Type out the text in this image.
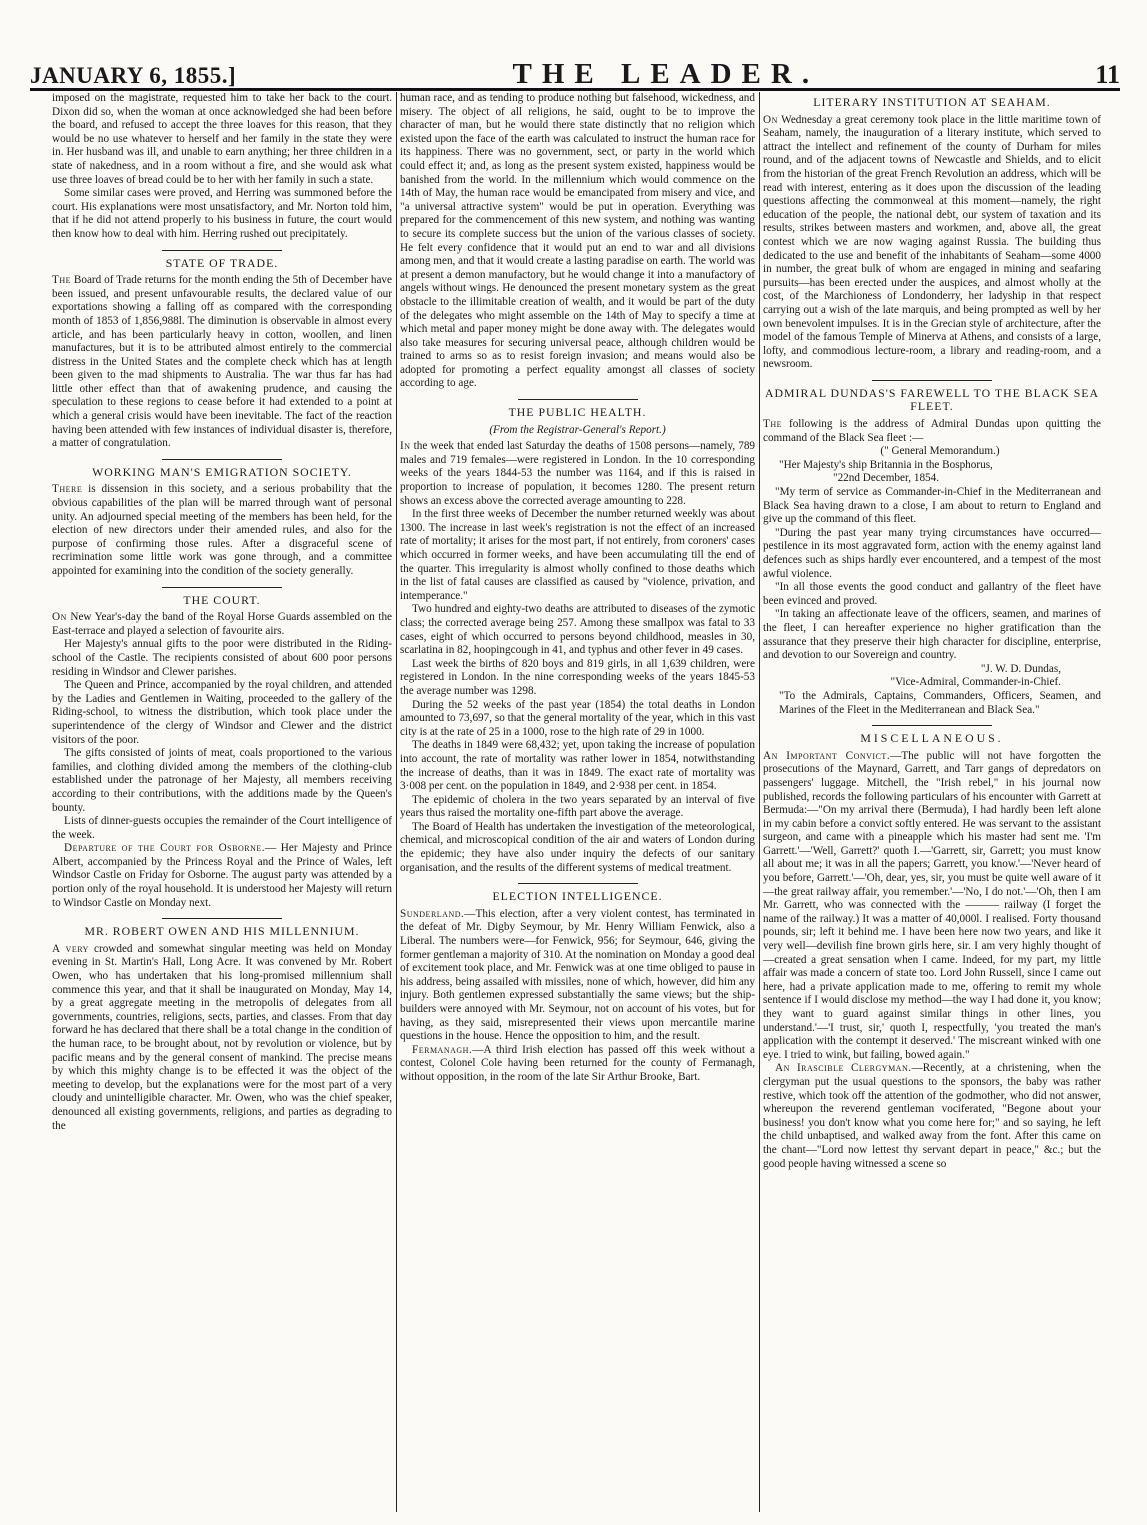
JANUARY 6, 1855.]	THE LEADER.	11

imposed on the magistrate, requested him to take her back to the court. Dixon did so, when the woman at once acknowledged she had been before the board, and refused to accept the three loaves for this reason, that they would be no use whatever to herself and her family in the state they were in. Her husband was ill, and unable to earn anything; her three children in a state of nakedness, and in a room without a fire, and she would ask what use three loaves of bread could be to her with her family in such a state.

Some similar cases were proved, and Herring was summoned before the court. His explanations were most unsatisfactory, and Mr. Norton told him, that if he did not attend properly to his business in future, the court would then know how to deal with him. Herring rushed out precipitately.

STATE OF TRADE.

The Board of Trade returns for the month ending the 5th of December have been issued, and present unfavourable results, the declared value of our exportations showing a falling off as compared with the corresponding month of 1853 of 1,856,988l. The diminution is observable in almost every article, and has been particularly heavy in cotton, woollen, and linen manufactures, but it is to be attributed almost entirely to the commercial distress in the United States and the complete check which has at length been given to the mad shipments to Australia. The war thus far has had little other effect than that of awakening prudence, and causing the speculation to these regions to cease before it had extended to a point at which a general crisis would have been inevitable. The fact of the reaction having been attended with few instances of individual disaster is, therefore, a matter of congratulation.

WORKING MAN'S EMIGRATION SOCIETY.

There is dissension in this society, and a serious probability that the obvious capabilities of the plan will be marred through want of personal unity. An adjourned special meeting of the members has been held, for the election of new directors under their amended rules, and also for the purpose of confirming those rules. After a disgraceful scene of recrimination some little work was gone through, and a committee appointed for examining into the condition of the society generally.

THE COURT.

On New Year's-day the band of the Royal Horse Guards assembled on the East-terrace and played a selection of favourite airs.

Her Majesty's annual gifts to the poor were distributed in the Riding-school of the Castle. The recipients consisted of about 600 poor persons residing in Windsor and Clewer parishes.

The Queen and Prince, accompanied by the royal children, and attended by the Ladies and Gentlemen in Waiting, proceeded to the gallery of the Riding-school, to witness the distribution, which took place under the superintendence of the clergy of Windsor and Clewer and the district visitors of the poor.

The gifts consisted of joints of meat, coals proportioned to the various families, and clothing divided among the members of the clothing-club established under the patronage of her Majesty, all members receiving according to their contributions, with the additions made by the Queen's bounty.

Lists of dinner-guests occupies the remainder of the Court intelligence of the week.

Departure of the Court for Osborne.— Her Majesty and Prince Albert, accompanied by the Princess Royal and the Prince of Wales, left Windsor Castle on Friday for Osborne. The august party was attended by a portion only of the royal household. It is understood her Majesty will return to Windsor Castle on Monday next.

MR. ROBERT OWEN AND HIS MILLENNIUM.

A very crowded and somewhat singular meeting was held on Monday evening in St. Martin's Hall, Long Acre. It was convened by Mr. Robert Owen, who has undertaken that his long-promised millennium shall commence this year, and that it shall be inaugurated on Monday, May 14, by a great aggregate meeting in the metropolis of delegates from all governments, countries, religions, sects, parties, and classes. From that day forward he has declared that there shall be a total change in the condition of the human race, to be brought about, not by revolution or violence, but by pacific means and by the general consent of mankind. The precise means by which this mighty change is to be effected it was the object of the meeting to develop, but the explanations were for the most part of a very cloudy and unintelligible character. Mr. Owen, who was the chief speaker, denounced all existing governments, religions, and parties as degrading to the

human race, and as tending to produce nothing but falsehood, wickedness, and misery. The object of all religions, he said, ought to be to improve the character of man, but he would there state distinctly that no religion which existed upon the face of the earth was calculated to instruct the human race for its happiness. There was no government, sect, or party in the world which could effect it; and, as long as the present system existed, happiness would be banished from the world. In the millennium which would commence on the 14th of May, the human race would be emancipated from misery and vice, and "a universal attractive system" would be put in operation. Everything was prepared for the commencement of this new system, and nothing was wanting to secure its complete success but the union of the various classes of society. He felt every confidence that it would put an end to war and all divisions among men, and that it would create a lasting paradise on earth. The world was at present a demon manufactory, but he would change it into a manufactory of angels without wings. He denounced the present monetary system as the great obstacle to the illimitable creation of wealth, and it would be part of the duty of the delegates who might assemble on the 14th of May to specify a time at which metal and paper money might be done away with. The delegates would also take measures for securing universal peace, although children would be trained to arms so as to resist foreign invasion; and means would also be adopted for promoting a perfect equality amongst all classes of society according to age.

THE PUBLIC HEALTH.
(From the Registrar-General's Report.)

In the week that ended last Saturday the deaths of 1508 persons—namely, 789 males and 719 females—were registered in London. In the 10 corresponding weeks of the years 1844-53 the number was 1164, and if this is raised in proportion to increase of population, it becomes 1280. The present return shows an excess above the corrected average amounting to 228.

In the first three weeks of December the number returned weekly was about 1300. The increase in last week's registration is not the effect of an increased rate of mortality; it arises for the most part, if not entirely, from coroners' cases which occurred in former weeks, and have been accumulating till the end of the quarter. This irregularity is almost wholly confined to those deaths which in the list of fatal causes are classified as caused by "violence, privation, and intemperance."

Two hundred and eighty-two deaths are attributed to diseases of the zymotic class; the corrected average being 257. Among these smallpox was fatal to 33 cases, eight of which occurred to persons beyond childhood, measles in 30, scarlatina in 82, hoopingcough in 41, and typhus and other fever in 49 cases.

Last week the births of 820 boys and 819 girls, in all 1,639 children, were registered in London. In the nine corresponding weeks of the years 1845-53 the average number was 1298.

During the 52 weeks of the past year (1854) the total deaths in London amounted to 73,697, so that the general mortality of the year, which in this vast city is at the rate of 25 in a 1000, rose to the high rate of 29 in 1000.

The deaths in 1849 were 68,432; yet, upon taking the increase of population into account, the rate of mortality was rather lower in 1854, notwithstanding the increase of deaths, than it was in 1849. The exact rate of mortality was 3·008 per cent. on the population in 1849, and 2·938 per cent. in 1854.

The epidemic of cholera in the two years separated by an interval of five years thus raised the mortality one-fifth part above the average.

The Board of Health has undertaken the investigation of the meteorological, chemical, and microscopical condition of the air and waters of London during the epidemic; they have also under inquiry the defects of our sanitary organisation, and the results of the different systems of medical treatment.

ELECTION INTELLIGENCE.

Sunderland.—This election, after a very violent contest, has terminated in the defeat of Mr. Digby Seymour, by Mr. Henry William Fenwick, also a Liberal. The numbers were—for Fenwick, 956; for Seymour, 646, giving the former gentleman a majority of 310. At the nomination on Monday a good deal of excitement took place, and Mr. Fenwick was at one time obliged to pause in his address, being assailed with missiles, none of which, however, did him any injury. Both gentlemen expressed substantially the same views; but the ship-builders were annoyed with Mr. Seymour, not on account of his votes, but for having, as they said, misrepresented their views upon mercantile marine questions in the house. Hence the opposition to him, and the result.

Fermanagh.—A third Irish election has passed off this week without a contest, Colonel Cole having been returned for the county of Fermanagh, without opposition, in the room of the late Sir Arthur Brooke, Bart.

LITERARY INSTITUTION AT SEAHAM.

On Wednesday a great ceremony took place in the little maritime town of Seaham, namely, the inauguration of a literary institute, which served to attract the intellect and refinement of the county of Durham for miles round, and of the adjacent towns of Newcastle and Shields, and to elicit from the historian of the great French Revolution an address, which will be read with interest, entering as it does upon the discussion of the leading questions affecting the commonweal at this moment—namely, the right education of the people, the national debt, our system of taxation and its results, strikes between masters and workmen, and, above all, the great contest which we are now waging against Russia. The building thus dedicated to the use and benefit of the inhabitants of Seaham—some 4000 in number, the great bulk of whom are engaged in mining and seafaring pursuits—has been erected under the auspices, and almost wholly at the cost, of the Marchioness of Londonderry, her ladyship in that respect carrying out a wish of the late marquis, and being prompted as well by her own benevolent impulses. It is in the Grecian style of architecture, after the model of the famous Temple of Minerva at Athens, and consists of a large, lofty, and commodious lecture-room, a library and reading-room, and a newsroom.

ADMIRAL DUNDAS'S FAREWELL TO THE BLACK SEA FLEET.

The following is the address of Admiral Dundas upon quitting the command of the Black Sea fleet :—

(" General Memorandum.)

"Her Majesty's ship Britannia in the Bosphorus,

"22nd December, 1854.

"My term of service as Commander-in-Chief in the Mediterranean and Black Sea having drawn to a close, I am about to return to England and give up the command of this fleet.

"During the past year many trying circumstances have occurred—pestilence in its most aggravated form, action with the enemy against land defences such as ships hardly ever encountered, and a tempest of the most awful violence.

"In all those events the good conduct and gallantry of the fleet have been evinced and proved.

"In taking an affectionate leave of the officers, seamen, and marines of the fleet, I can hereafter experience no higher gratification than the assurance that they preserve their high character for discipline, enterprise, and devotion to our Sovereign and country.

"J. W. D. Dundas,

"Vice-Admiral, Commander-in-Chief.

"To the Admirals, Captains, Commanders, Officers, Seamen, and Marines of the Fleet in the Mediterranean and Black Sea."

MISCELLANEOUS.

An Important Convict.—The public will not have forgotten the prosecutions of the Maynard, Garrett, and Tarr gangs of depredators on passengers' luggage. Mitchell, the "Irish rebel," in his journal now published, records the following particulars of his encounter with Garrett at Bermuda:—"On my arrival there (Bermuda), I had hardly been left alone in my cabin before a convict softly entered. He was servant to the assistant surgeon, and came with a pineapple which his master had sent me. 'I'm Garrett.'—'Well, Garrett?' quoth I.—'Garrett, sir, Garrett; you must know all about me; it was in all the papers; Garrett, you know.'—'Never heard of you before, Garrett.'—'Oh, dear, yes, sir, you must be quite well aware of it—the great railway affair, you remember.'—'No, I do not.'—'Oh, then I am Mr. Garrett, who was connected with the ——— railway (I forget the name of the railway.) It was a matter of 40,000l. I realised. Forty thousand pounds, sir; left it behind me. I have been here now two years, and like it very well—devilish fine brown girls here, sir. I am very highly thought of—created a great sensation when I came. Indeed, for my part, my little affair was made a concern of state too. Lord John Russell, since I came out here, had a private application made to me, offering to remit my whole sentence if I would disclose my method—the way I had done it, you know; they want to guard against similar things in other lines, you understand.'—'I trust, sir,' quoth I, respectfully, 'you treated the man's application with the contempt it deserved.' The miscreant winked with one eye. I tried to wink, but failing, bowed again."

An Irascible Clergyman.—Recently, at a christening, when the clergyman put the usual questions to the sponsors, the baby was rather restive, which took off the attention of the godmother, who did not answer, whereupon the reverend gentleman vociferated, "Begone about your business! you don't know what you come here for;" and so saying, he left the child unbaptised, and walked away from the font. After this came on the chant—"Lord now lettest thy servant depart in peace," &c.; but the good people having witnessed a scene so
